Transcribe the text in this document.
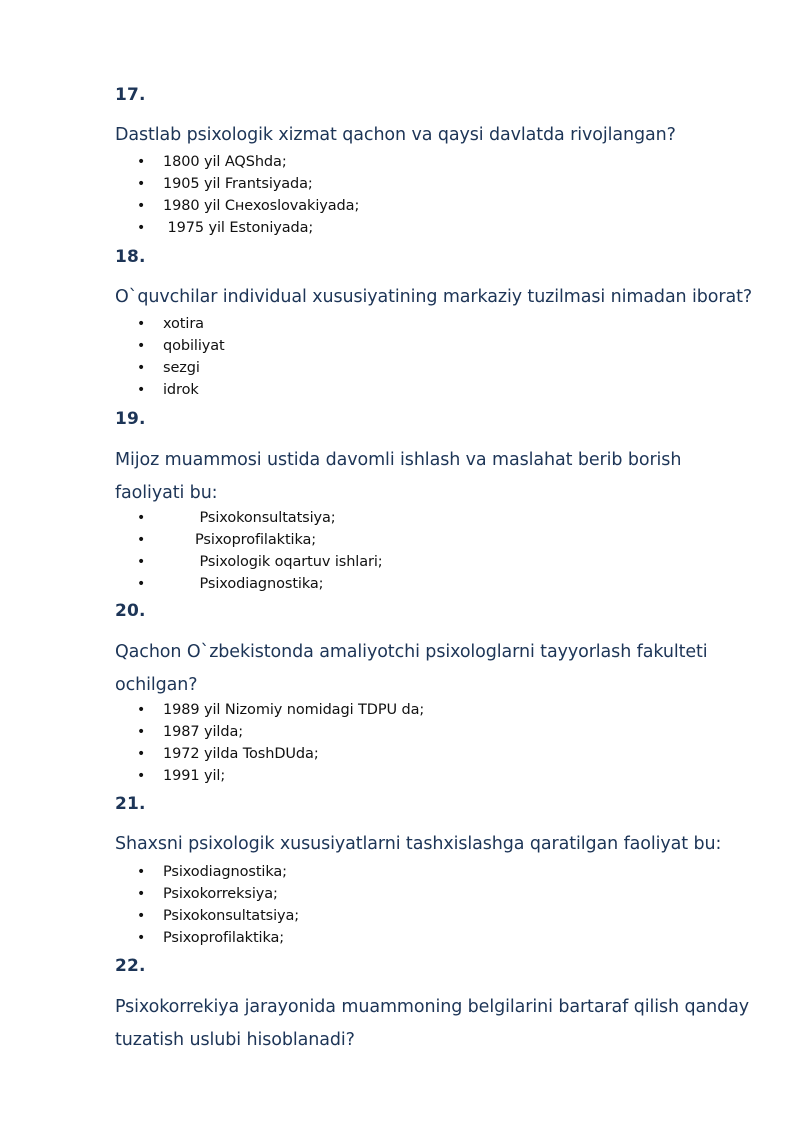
17.
Dastlab psixologik xizmat qachon va qaysi davlatda rivojlangan?
• 1800 yil AQShda;
• 1905 yil Frantsiyada;
• 1980 yil Cнexoslovakiyada;
• 1975 yil Estoniyada;
18.
O`quvchilar individual xususiyatining markaziy tuzilmasi nimadan iborat?
• xotira
• qobiliyat
• sezgi
• idrok
19.
Mijoz muammosi ustida davomli ishlash va maslahat berib borish faoliyati bu:
•	Psixokonsultatsiya;
•	Psixoprofilaktika;
•	Psixologik oqartuv ishlari;
•	Psixodiagnostika;
20.
Qachon O`zbekistonda amaliyotchi psixologlarni tayyorlash fakulteti ochilgan?
• 1989 yil Nizomiy nomidagi TDPU da;
• 1987 yilda;
• 1972 yilda ToshDUda;
• 1991 yil;
21.
Shaxsni psixologik xususiyatlarni tashxislashga qaratilgan faoliyat bu:
• Psixodiagnostika;
• Psixokorreksiya;
• Psixokonsultatsiya;
• Psixoprofilaktika;
22.
Psixokorrekiya jarayonida muammoning belgilarini bartaraf qilish qanday tuzatish uslubi hisoblanadi?
